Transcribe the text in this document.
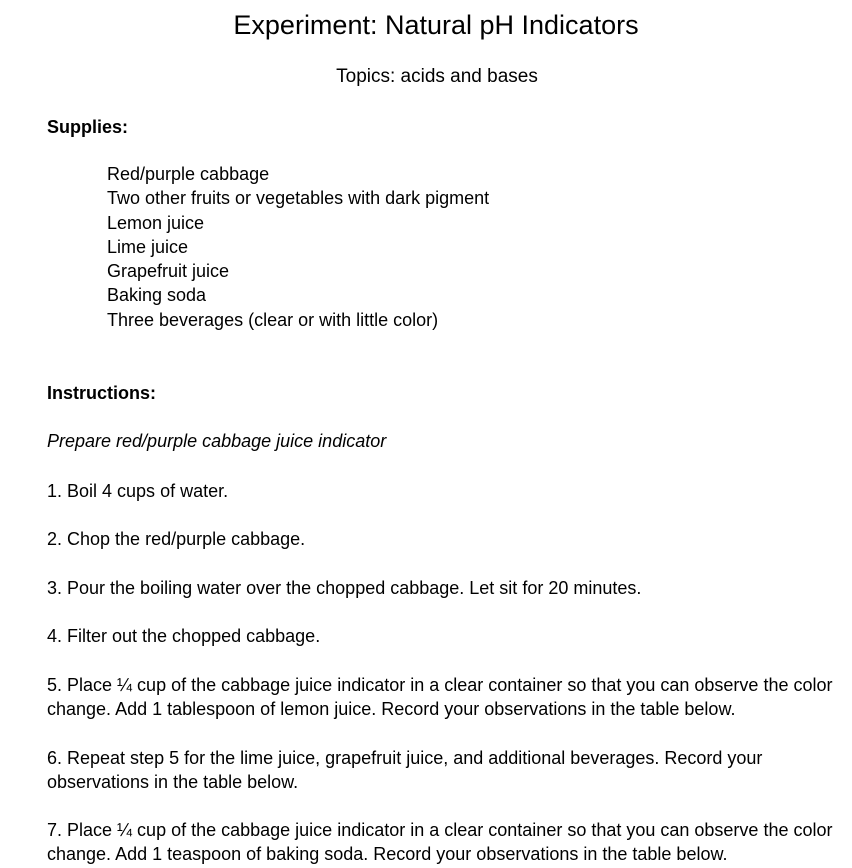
Experiment: Natural pH Indicators

Topics: acids and bases

Supplies:
Red/purple cabbage
Two other fruits or vegetables with dark pigment
Lemon juice
Lime juice
Grapefruit juice
Baking soda
Three beverages (clear or with little color)
Instructions:

Prepare red/purple cabbage juice indicator

1. Boil 4 cups of water.

2. Chop the red/purple cabbage.

3. Pour the boiling water over the chopped cabbage. Let sit for 20 minutes.

4. Filter out the chopped cabbage.

5. Place ¼ cup of the cabbage juice indicator in a clear container so that you can observe the color change. Add 1 tablespoon of lemon juice. Record your observations in the table below.

6. Repeat step 5 for the lime juice, grapefruit juice, and additional beverages. Record your observations in the table below.

7. Place ¼ cup of the cabbage juice indicator in a clear container so that you can observe the color change. Add 1 teaspoon of baking soda. Record your observations in the table below.
